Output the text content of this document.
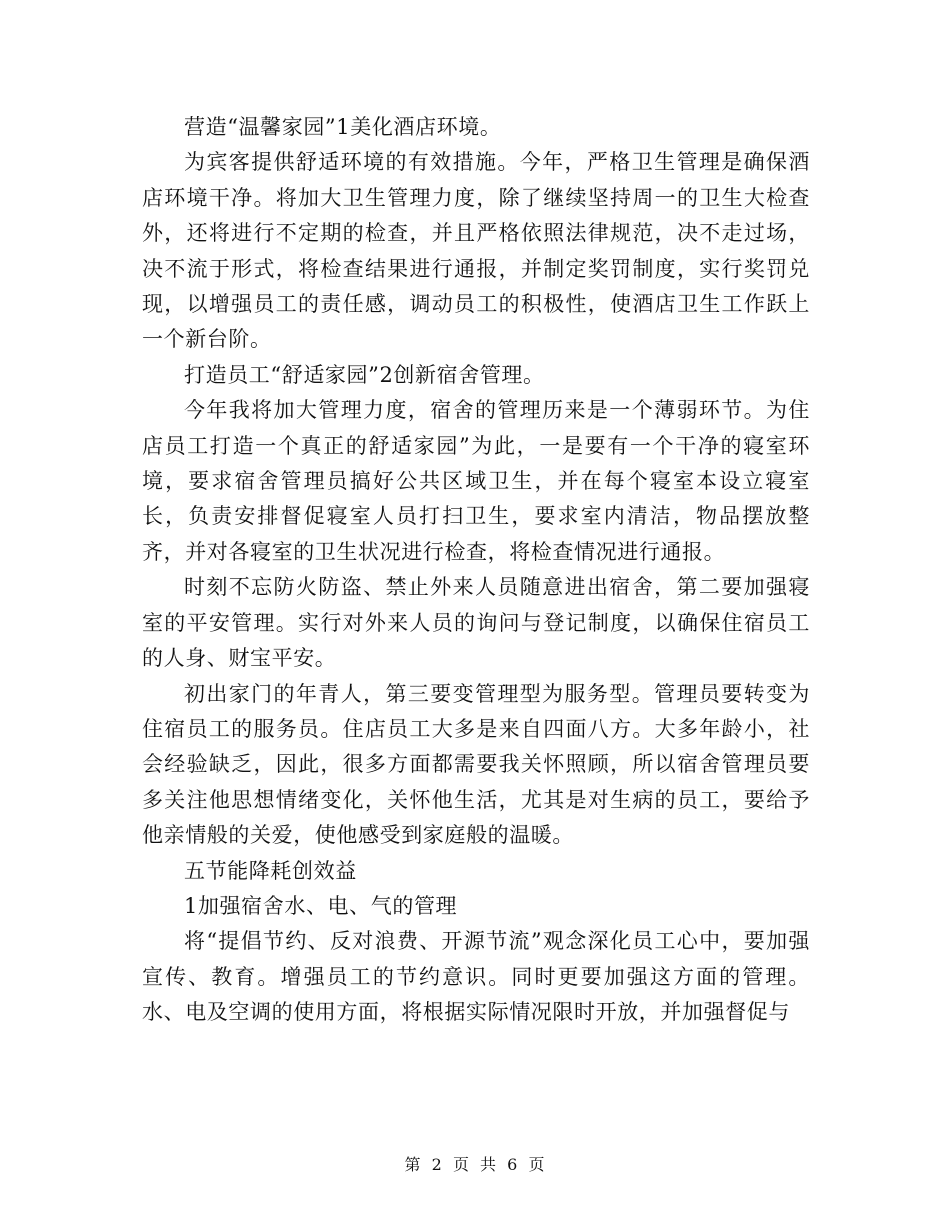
营造“温馨家园”1美化酒店环境。

为宾客提供舒适环境的有效措施。今年，严格卫生管理是确保酒店环境干净。将加大卫生管理力度，除了继续坚持周一的卫生大检查外，还将进行不定期的检查，并且严格依照法律规范，决不走过场，决不流于形式，将检查结果进行通报，并制定奖罚制度，实行奖罚兑现，以增强员工的责任感，调动员工的积极性，使酒店卫生工作跃上一个新台阶。

打造员工“舒适家园”2创新宿舍管理。

今年我将加大管理力度，宿舍的管理历来是一个薄弱环节。为住店员工打造一个真正的舒适家园”为此，一是要有一个干净的寝室环境，要求宿舍管理员搞好公共区域卫生，并在每个寝室本设立寝室长，负责安排督促寝室人员打扫卫生，要求室内清洁，物品摆放整齐，并对各寝室的卫生状况进行检查，将检查情况进行通报。

时刻不忘防火防盗、禁止外来人员随意进出宿舍，第二要加强寝室的平安管理。实行对外来人员的询问与登记制度，以确保住宿员工的人身、财宝平安。

初出家门的年青人，第三要变管理型为服务型。管理员要转变为住宿员工的服务员。住店员工大多是来自四面八方。大多年龄小，社会经验缺乏，因此，很多方面都需要我关怀照顾，所以宿舍管理员要多关注他思想情绪变化，关怀他生活，尤其是对生病的员工，要给予他亲情般的关爱，使他感受到家庭般的温暖。

五节能降耗创效益

1加强宿舍水、电、气的管理

将“提倡节约、反对浪费、开源节流”观念深化员工心中，要加强宣传、教育。增强员工的节约意识。同时更要加强这方面的管理。水、电及空调的使用方面，将根据实际情况限时开放，并加强督促与

第 2 页 共 6 页
